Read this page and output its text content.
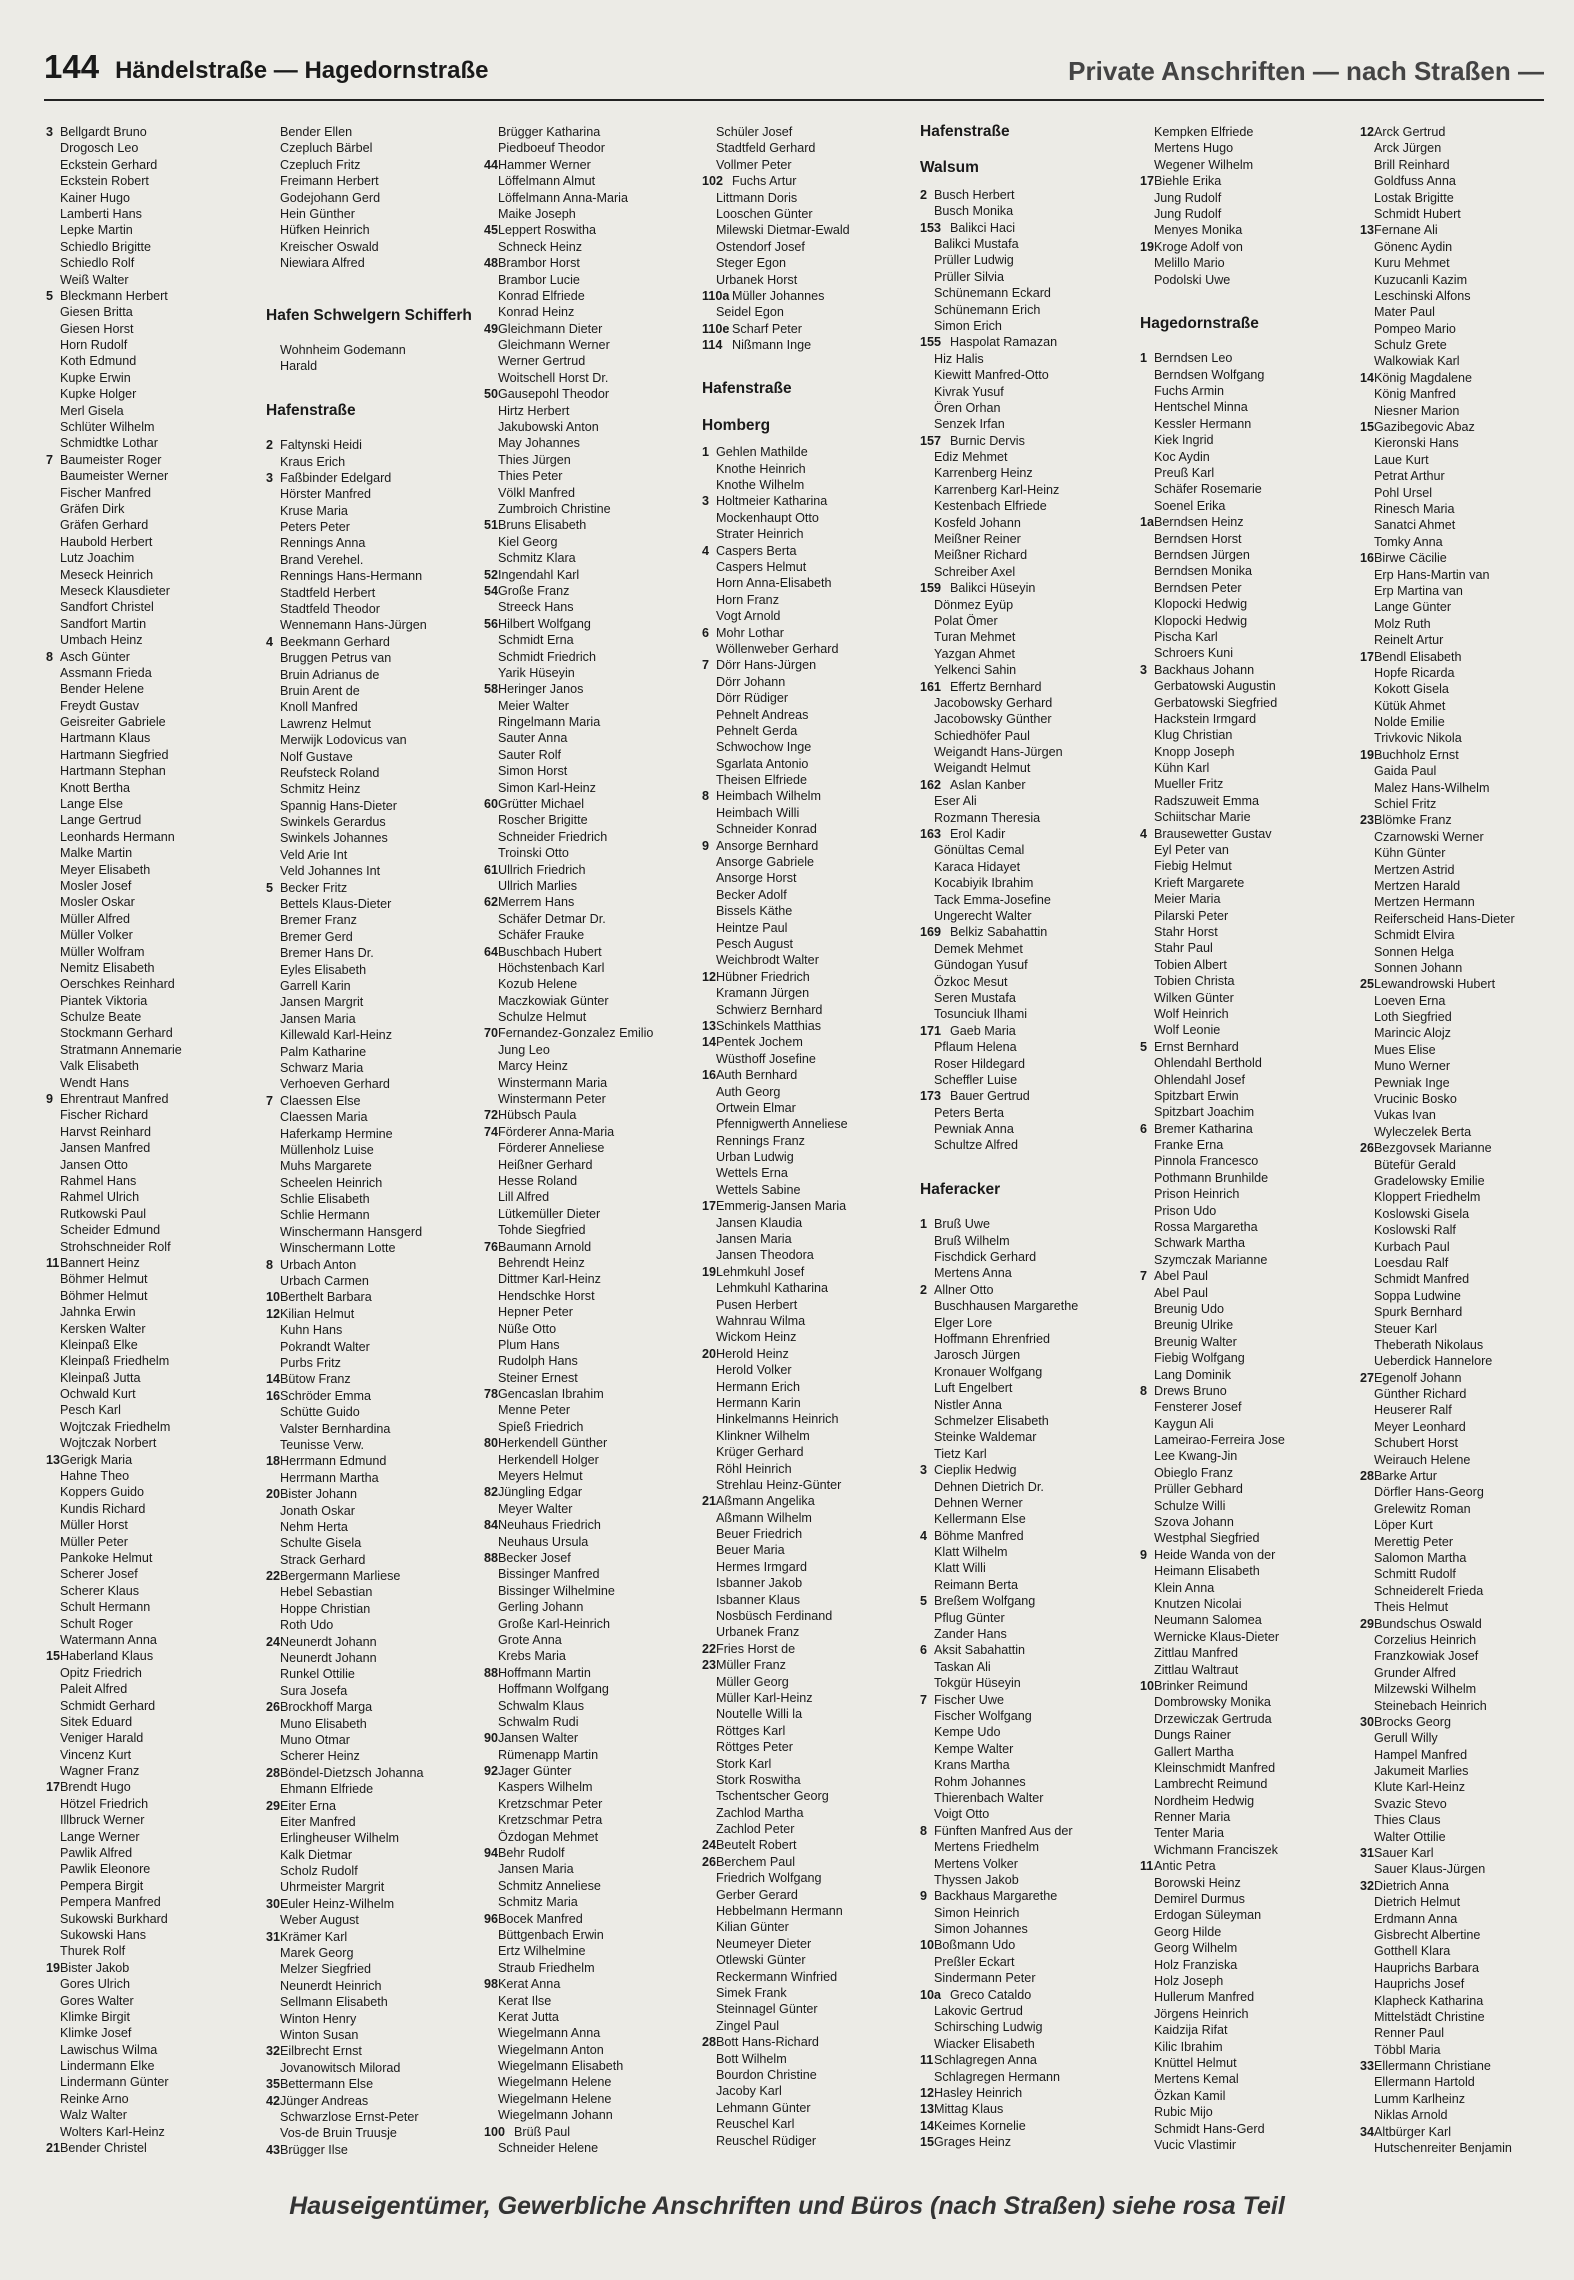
144 Händelstraße — Hagedornstraße	Private Anschriften — nach Straßen —
3 Bellgardt Bruno
Drogosch Leo
Eckstein Gerhard
Eckstein Robert
Kainer Hugo
Lamberti Hans
Lepke Martin
Schiedlo Brigitte
Schiedlo Rolf
Weiß Walter
5 Bleckmann Herbert
Giesen Britta
Giesen Horst
Horn Rudolf
Koth Edmund
Kupke Erwin
Kupke Holger
Merl Gisela
Schlüter Wilhelm
Schmidtke Lothar
7 Baumeister Roger
Baumeister Werner
Fischer Manfred
Gräfen Dirk
Gräfen Gerhard
Haubold Herbert
Lutz Joachim
Meseck Heinrich
Meseck Klausdieter
Sandfort Christel
Sandfort Martin
Umbach Heinz
8 Asch Günter
Assmann Frieda
Bender Helene
Freydt Gustav
Geisreiter Gabriele
Hartmann Klaus
Hartmann Siegfried
Hartmann Stephan
Knott Bertha
Lange Else
Lange Gertrud
Leonhards Hermann
Malke Martin
Meyer Elisabeth
Mosler Josef
Mosler Oskar
Müller Alfred
Müller Volker
Müller Wolfram
Nemitz Elisabeth
Oerschkes Reinhard
Piantek Viktoria
Schulze Beate
Stockmann Gerhard
Stratmann Annemarie
Valk Elisabeth
Wendt Hans
9 Ehrentraut Manfred
Fischer Richard
Harvst Reinhard
Jansen Manfred
Jansen Otto
Rahmel Hans
Rahmel Ulrich
Rutkowski Paul
Scheider Edmund
Strohschneider Rolf
11Bannert Heinz
Böhmer Helmut
Böhmer Helmut
Jahnka Erwin
Kersken Walter
Kleinpaß Elke
Kleinpaß Friedhelm
Kleinpaß Jutta
Ochwald Kurt
Pesch Karl
Wojtczak Friedhelm
Wojtczak Norbert
13Gerigk Maria
Hahne Theo
Koppers Guido
Kundis Richard
Müller Horst
Müller Peter
Pankoke Helmut
Scherer Josef
Scherer Klaus
Schult Hermann
Schult Roger
Watermann Anna
15Haberland Klaus
Opitz Friedrich
Paleit Alfred
Schmidt Gerhard
Sitek Eduard
Veniger Harald
Vincenz Kurt
Wagner Franz
17Brendt Hugo
Hötzel Friedrich
Illbruck Werner
Lange Werner
Pawlik Alfred
Pawlik Eleonore
Pempera Birgit
Pempera Manfred
Sukowski Burkhard
Sukowski Hans
Thurek Rolf
19Bister Jakob
Gores Ulrich
Gores Walter
Klimke Birgit
Klimke Josef
Lawischus Wilma
Lindermann Elke
Lindermann Günter
Reinke Arno
Walz Walter
Wolters Karl-Heinz
21Bender Christel
Bender Ellen
Czepluch Bärbel
Czepluch Fritz
Freimann Herbert
Godejohann Gerd
Hein Günther
Hüfken Heinrich
Kreischer Oswald
Niewiara Alfred
Hafen Schwelgern Schifferh
Wohnheim Godemann
Harald
Hafenstraße
2 Faltynski Heidi
Kraus Erich
3 Faßbinder Edelgard
Hörster Manfred
Kruse Maria
Peters Peter
Rennings Anna
Brand Verehel.
Rennings Hans-Hermann
Stadtfeld Herbert
Stadtfeld Theodor
Wennemann Hans-Jürgen
4 Beekmann Gerhard
Bruggen Petrus van
Bruin Adrianus de
Bruin Arent de
Knoll Manfred
Lawrenz Helmut
Merwijk Lodovicus van
Nolf Gustave
Reufsteck Roland
Schmitz Heinz
Spannig Hans-Dieter
Swinkels Gerardus
Swinkels Johannes
Veld Arie Int
Veld Johannes Int
5 Becker Fritz
Bettels Klaus-Dieter
Bremer Franz
Bremer Gerd
Bremer Hans Dr.
Eyles Elisabeth
Garrell Karin
Jansen Margrit
Jansen Maria
Killewald Karl-Heinz
Palm Katharine
Schwarz Maria
Verhoeven Gerhard
7 Claessen Else
Claessen Maria
Haferkamp Hermine
Müllenholz Luise
Muhs Margarete
Scheelen Heinrich
Schlie Elisabeth
Schlie Hermann
Winschermann Hansgerd
Winschermann Lotte
8 Urbach Anton
Urbach Carmen
10Berthelt Barbara
12Kilian Helmut
Kuhn Hans
Pokrandt Walter
Purbs Fritz
14Bütow Franz
16Schröder Emma
Schütte Guido
Valster Bernhardina
Teunisse Verw.
18Herrmann Edmund
Herrmann Martha
20Bister Johann
Jonath Oskar
Nehm Herta
Schulte Gisela
Strack Gerhard
22Bergermann Marliese
Hebel Sebastian
Hoppe Christian
Roth Udo
24Neunerdt Johann
Neunerdt Johann
Runkel Ottilie
Sura Josefa
26Brockhoff Marga
Muno Elisabeth
Muno Otmar
Scherer Heinz
28Böndel-Dietzsch Johanna
Ehmann Elfriede
29Eiter Erna
Eiter Manfred
Erlingheuser Wilhelm
Kalk Dietmar
Scholz Rudolf
Uhrmeister Margrit
30Euler Heinz-Wilhelm
Weber August
31Krämer Karl
Marek Georg
Melzer Siegfried
Neunerdt Heinrich
Sellmann Elisabeth
Winton Henry
Winton Susan
32Eilbrecht Ernst
Jovanowitsch Milorad
35Bettermann Else
42Jünger Andreas
Schwarzlose Ernst-Peter
Vos-de Bruin Truusje
43Brügger Ilse
Brügger Katharina
Piedboeuf Theodor
44Hammer Werner
Löffelmann Almut
Löffelmann Anna-Maria
Maike Joseph
45Leppert Roswitha
Schneck Heinz
48Brambor Horst
Brambor Lucie
Konrad Elfriede
Konrad Heinz
49Gleichmann Dieter
Gleichmann Werner
Werner Gertrud
Woitschell Horst Dr.
50Gausepohl Theodor
Hirtz Herbert
Jakubowski Anton
May Johannes
Thies Jürgen
Thies Peter
Völkl Manfred
Zumbroich Christine
51Bruns Elisabeth
Kiel Georg
Schmitz Klara
52Ingendahl Karl
54Große Franz
Streeck Hans
56Hilbert Wolfgang
Schmidt Erna
Schmidt Friedrich
Yarik Hüseyin
58Heringer Janos
Meier Walter
Ringelmann Maria
Sauter Anna
Sauter Rolf
Simon Horst
Simon Karl-Heinz
60Grütter Michael
Roscher Brigitte
Schneider Friedrich
Troinski Otto
61Ullrich Friedrich
Ullrich Marlies
62Merrem Hans
Schäfer Detmar Dr.
Schäfer Frauke
64Buschbach Hubert
Höchstenbach Karl
Kozub Helene
Maczkowiak Günter
Schulze Helmut
70Fernandez-Gonzalez Emilio
Jung Leo
Marcy Heinz
Winstermann Maria
Winstermann Peter
72Hübsch Paula
74Förderer Anna-Maria
Förderer Anneliese
Heißner Gerhard
Hesse Roland
Lill Alfred
Lütkemüller Dieter
Tohde Siegfried
76Baumann Arnold
Behrendt Heinz
Dittmer Karl-Heinz
Hendschke Horst
Hepner Peter
Nüße Otto
Plum Hans
Rudolph Hans
Steiner Ernest
78Gencaslan Ibrahim
Menne Peter
Spieß Friedrich
80Herkendell Günther
Herkendell Holger
Meyers Helmut
82Jüngling Edgar
Meyer Walter
84Neuhaus Friedrich
Neuhaus Ursula
88Becker Josef
Bissinger Manfred
Bissinger Wilhelmine
Gerling Johann
Große Karl-Heinrich
Grote Anna
Krebs Maria
88Hoffmann Martin
Hoffmann Wolfgang
Schwalm Klaus
Schwalm Rudi
90Jansen Walter
Rümenapp Martin
92Jager Günter
Kaspers Wilhelm
Kretzschmar Peter
Kretzschmar Petra
Özdogan Mehmet
94Behr Rudolf
Jansen Maria
Schmitz Anneliese
Schmitz Maria
96Bocek Manfred
Büttgenbach Erwin
Ertz Wilhelmine
Straub Friedhelm
98Kerat Anna
Kerat Ilse
Kerat Jutta
Wiegelmann Anna
Wiegelmann Anton
Wiegelmann Elisabeth
Wiegelmann Helene
Wiegelmann Helene
Wiegelmann Johann
100 Brüß Paul
Schneider Helene
Schüler Josef
Stadtfeld Gerhard
Vollmer Peter
102 Fuchs Artur
Littmann Doris
Looschen Günter
Milewski Dietmar-Ewald
Ostendorf Josef
Steger Egon
Urbanek Horst
110a Müller Johannes
Seidel Egon
110e Scharf Peter
114 Nißmann Inge
Hafenstraße
Homberg
1 Gehlen Mathilde
Knothe Heinrich
Knothe Wilhelm
3 Holtmeier Katharina
Mockenhaupt Otto
Strater Heinrich
4 Caspers Berta
Caspers Helmut
Horn Anna-Elisabeth
Horn Franz
Vogt Arnold
6 Mohr Lothar
Wöllenweber Gerhard
7 Dörr Hans-Jürgen
Dörr Johann
Dörr Rüdiger
Pehnelt Andreas
Pehnelt Gerda
Schwochow Inge
Sgarlata Antonio
Theisen Elfriede
8 Heimbach Wilhelm
Heimbach Willi
Schneider Konrad
9 Ansorge Bernhard
Ansorge Gabriele
Ansorge Horst
Becker Adolf
Bissels Käthe
Heintze Paul
Pesch August
Weichbrodt Walter
12Hübner Friedrich
Kramann Jürgen
Schwierz Bernhard
13Schinkels Matthias
14Pentek Jochem
Wüsthoff Josefine
16Auth Bernhard
Auth Georg
Ortwein Elmar
Pfennigwerth Anneliese
Rennings Franz
Urban Ludwig
Wettels Erna
Wettels Sabine
17Emmerig-Jansen Maria
Jansen Klaudia
Jansen Maria
Jansen Theodora
19Lehmkuhl Josef
Lehmkuhl Katharina
Pusen Herbert
Wahnrau Wilma
Wickom Heinz
20Herold Heinz
Herold Volker
Hermann Erich
Hermann Karin
Hinkelmanns Heinrich
Klinkner Wilhelm
Krüger Gerhard
Röhl Heinrich
Strehlau Heinz-Günter
21Aßmann Angelika
Aßmann Wilhelm
Beuer Friedrich
Beuer Maria
Hermes Irmgard
Isbanner Jakob
Isbanner Klaus
Nosbüsch Ferdinand
Urbanek Franz
22Fries Horst de
23Müller Franz
Müller Georg
Müller Karl-Heinz
Noutelle Willi la
Röttges Karl
Röttges Peter
Stork Karl
Stork Roswitha
Tschentscher Georg
Zachlod Martha
Zachlod Peter
24Beutelt Robert
26Berchem Paul
Friedrich Wolfgang
Gerber Gerard
Hebbelmann Hermann
Kilian Günter
Neumeyer Dieter
Otlewski Günter
Reckermann Winfried
Simek Frank
Steinnagel Günter
Zingel Paul
28Bott Hans-Richard
Bott Wilhelm
Bourdon Christine
Jacoby Karl
Lehmann Günter
Reuschel Karl
Reuschel Rüdiger
Hafenstraße
Walsum
2 Busch Herbert
Busch Monika
153 Balikci Haci
Balikci Mustafa
Prüller Ludwig
Prüller Silvia
Schünemann Eckard
Schünemann Erich
Simon Erich
155 Haspolat Ramazan
Hiz Halis
Kiewitt Manfred-Otto
Kivrak Yusuf
Ören Orhan
Senzek Irfan
157 Burnic Dervis
Ediz Mehmet
Karrenberg Heinz
Karrenberg Karl-Heinz
Kestenbach Elfriede
Kosfeld Johann
Meißner Reiner
Meißner Richard
Schreiber Axel
159 Balikci Hüseyin
Dönmez Eyüp
Polat Ömer
Turan Mehmet
Yazgan Ahmet
Yelkenci Sahin
161 Effertz Bernhard
Jacobowsky Gerhard
Jacobowsky Günther
Schiedhöfer Paul
Weigandt Hans-Jürgen
Weigandt Helmut
162 Aslan Kanber
Eser Ali
Rozmann Theresia
163 Erol Kadir
Gönültas Cemal
Karaca Hidayet
Kocabiyik Ibrahim
Tack Emma-Josefine
Ungerecht Walter
169 Belkiz Sabahattin
Demek Mehmet
Gündogan Yusuf
Özkoc Mesut
Seren Mustafa
Tosunciuk Ilhami
171 Gaeb Maria
Pflaum Helena
Roser Hildegard
Scheffler Luise
173 Bauer Gertrud
Peters Berta
Pewniak Anna
Schultze Alfred
Haferacker
1 Bruß Uwe
Bruß Wilhelm
Fischdick Gerhard
Mertens Anna
2 Allner Otto
Buschhausen Margarethe
Elger Lore
Hoffmann Ehrenfried
Jarosch Jürgen
Kronauer Wolfgang
Luft Engelbert
Nistler Anna
Schmelzer Elisabeth
Steinke Waldemar
Tietz Karl
3 Ciepliк Hedwig
Dehnen Dietrich Dr.
Dehnen Werner
Kellermann Else
4 Böhme Manfred
Klatt Wilhelm
Klatt Willi
Reimann Berta
5 Breßem Wolfgang
Pflug Günter
Zander Hans
6 Aksit Sabahattin
Taskan Ali
Tokgür Hüseyin
7 Fischer Uwe
Fischer Wolfgang
Kempe Udo
Kempe Walter
Krans Martha
Rohm Johannes
Thierenbach Walter
Voigt Otto
8 Fünften Manfred Aus der
Mertens Friedhelm
Mertens Volker
Thyssen Jakob
9 Backhaus Margarethe
Simon Heinrich
Simon Johannes
10Boßmann Udo
Preßler Eckart
Sindermann Peter
10a Greco Cataldo
Lakovic Gertrud
Schirsching Ludwig
Wiacker Elisabeth
11Schlagregen Anna
Schlagregen Hermann
12Hasley Heinrich
13Mittag Klaus
14Keimes Kornelie
15Grages Heinz
Kempken Elfriede
Mertens Hugo
Wegener Wilhelm
17Biehle Erika
Jung Rudolf
Jung Rudolf
Menyes Monika
19Kroge Adolf von
Melillo Mario
Podolski Uwe
Hagedornstraße
1 Berndsen Leo
Berndsen Wolfgang
Fuchs Armin
Hentschel Minna
Kessler Hermann
Kiek Ingrid
Koc Aydin
Preuß Karl
Schäfer Rosemarie
Soenel Erika
1aBerndsen Heinz
Berndsen Horst
Berndsen Jürgen
Berndsen Monika
Berndsen Peter
Klopocki Hedwig
Klopocki Hedwig
Pischa Karl
Schroers Kuni
3 Backhaus Johann
Gerbatowski Augustin
Gerbatowski Siegfried
Hackstein Irmgard
Klug Christian
Knopp Joseph
Kühn Karl
Mueller Fritz
Radszuweit Emma
Schiitschar Marie
4 Brausewetter Gustav
Eyl Peter van
Fiebig Helmut
Krieft Margarete
Meier Maria
Pilarski Peter
Stahr Horst
Stahr Paul
Tobien Albert
Tobien Christa
Wilken Günter
Wolf Heinrich
Wolf Leonie
5 Ernst Bernhard
Ohlendahl Berthold
Ohlendahl Josef
Spitzbart Erwin
Spitzbart Joachim
6 Bremer Katharina
Franke Erna
Pinnola Francesco
Pothmann Brunhilde
Prison Heinrich
Prison Udo
Rossa Margaretha
Schwark Martha
Szymczak Marianne
7 Abel Paul
Abel Paul
Breunig Udo
Breunig Ulrike
Breunig Walter
Fiebig Wolfgang
Lang Dominik
8 Drews Bruno
Fensterer Josef
Kaygun Ali
Lameirao-Ferreira Jose
Lee Kwang-Jin
Obieglo Franz
Prüller Gebhard
Schulze Willi
Szova Johann
Westphal Siegfried
9 Heide Wanda von der
Heimann Elisabeth
Klein Anna
Knutzen Nicolai
Neumann Salomea
Wernicke Klaus-Dieter
Zittlau Manfred
Zittlau Waltraut
10Brinker Reimund
Dombrowsky Monika
Drzewiczak Gertruda
Dungs Rainer
Gallert Martha
Kleinschmidt Manfred
Lambrecht Reimund
Nordheim Hedwig
Renner Maria
Tenter Maria
Wichmann Franciszek
11Antic Petra
Borowski Heinz
Demirel Durmus
Erdogan Süleyman
Georg Hilde
Georg Wilhelm
Holz Franziska
Holz Joseph
Hullerum Manfred
Jörgens Heinrich
Kaidzija Rifat
Kilic Ibrahim
Knüttel Helmut
Mertens Kemal
Özkan Kamil
Rubic Mijo
Schmidt Hans-Gerd
Vucic Vlastimir
12Arck Gertrud
Arck Jürgen
Brill Reinhard
Goldfuss Anna
Lostak Brigitte
Schmidt Hubert
13Fernane Ali
Gönenc Aydin
Kuru Mehmet
Kuzucanli Kazim
Leschinski Alfons
Mater Paul
Pompeo Mario
Schulz Grete
Walkowiak Karl
14König Magdalene
König Manfred
Niesner Marion
15Gazibegovic Abaz
Kieronski Hans
Laue Kurt
Petrat Arthur
Pohl Ursel
Rinesch Maria
Sanatci Ahmet
Tomky Anna
16Birwe Cäcilie
Erp Hans-Martin van
Erp Martina van
Lange Günter
Molz Ruth
Reinelt Artur
17Bendl Elisabeth
Hopfe Ricarda
Kokott Gisela
Kütük Ahmet
Nolde Emilie
Trivkovic Nikola
19Buchholz Ernst
Gaida Paul
Malez Hans-Wilhelm
Schiel Fritz
23Blömke Franz
Czarnowski Werner
Kühn Günter
Mertzen Astrid
Mertzen Harald
Mertzen Hermann
Reiferscheid Hans-Dieter
Schmidt Elvira
Sonnen Helga
Sonnen Johann
25Lewandrowski Hubert
Loeven Erna
Loth Siegfried
Marincic Alojz
Mues Elise
Muno Werner
Pewniak Inge
Vrucinic Bosko
Vukas Ivan
Wyleczelek Berta
26Bezgovsek Marianne
Bütefür Gerald
Gradelowsky Emilie
Kloppert Friedhelm
Koslowski Gisela
Koslowski Ralf
Kurbach Paul
Loesdau Ralf
Schmidt Manfred
Soppa Ludwine
Spurk Bernhard
Steuer Karl
Theberath Nikolaus
Ueberdick Hannelore
27Egenolf Johann
Günther Richard
Heuserer Ralf
Meyer Leonhard
Schubert Horst
Weirauch Helene
28Barke Artur
Dörfler Hans-Georg
Grelewitz Roman
Löper Kurt
Merettig Peter
Salomon Martha
Schmitt Rudolf
Schneiderelt Frieda
Theis Helmut
29Bundschus Oswald
Corzelius Heinrich
Franzkowiak Josef
Grunder Alfred
Milzewski Wilhelm
Steinebach Heinrich
30Brocks Georg
Gerull Willy
Hampel Manfred
Jakumeit Marlies
Klute Karl-Heinz
Svazic Stevo
Thies Claus
Walter Ottilie
31Sauer Karl
Sauer Klaus-Jürgen
32Dietrich Anna
Dietrich Helmut
Erdmann Anna
Gisbrecht Albertine
Gotthell Klara
Hauprichs Barbara
Hauprichs Josef
Klapheck Katharina
Mittelstädt Christine
Renner Paul
Többl Maria
33Ellermann Christiane
Ellermann Hartold
Lumm Karlheinz
Niklas Arnold
34Altbürger Karl
Hutschenreiter Benjamin
Hauseigentümer, Gewerbliche Anschriften und Büros (nach Straßen) siehe rosa Teil
